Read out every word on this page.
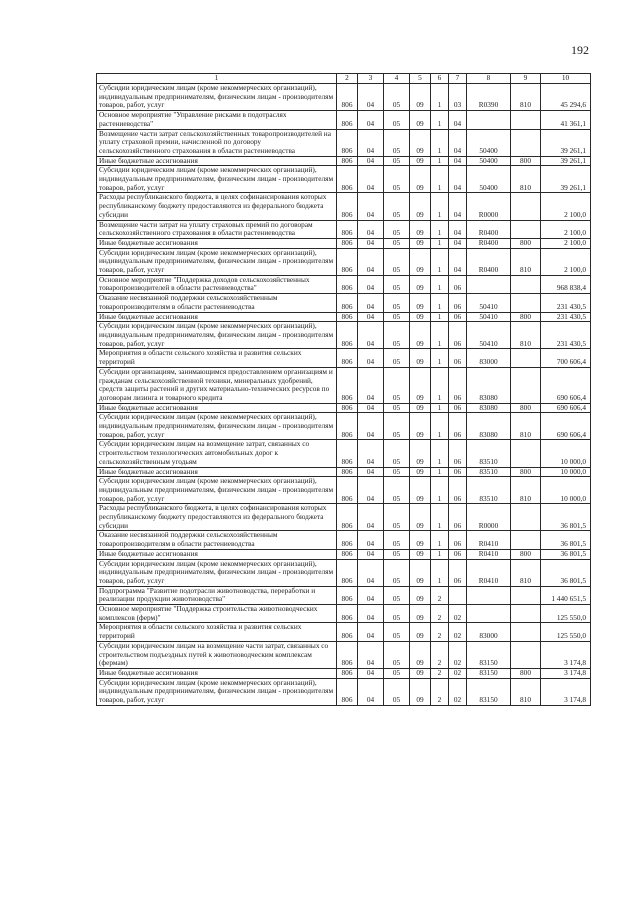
192
1	2	3	4	5	6	7	8	9	10
Субсидии юридическим лицам (кроме некоммерческих организаций), индивидуальным предпринимателям, физическим лицам - производителям товаров, работ, услуг	806	04	05	09	1	03	R0390	810	45 294,6
Основное мероприятие "Управление рисками в подотраслях растениеводства"	806	04	05	09	1	04			41 361,1
Возмещение части затрат сельскохозяйственных товаропроизводителей на уплату страховой премии, начисленной по договору сельскохозяйственного страхования в области растениеводства	806	04	05	09	1	04	50400		39 261,1
Иные бюджетные ассигнования	806	04	05	09	1	04	50400	800	39 261,1
Субсидии юридическим лицам (кроме некоммерческих организаций), индивидуальным предпринимателям, физическим лицам - производителям товаров, работ, услуг	806	04	05	09	1	04	50400	810	39 261,1
Расходы республиканского бюджета, в целях софинансирования которых республиканскому бюджету предоставляются из федерального бюджета субсидии	806	04	05	09	1	04	R0000		2 100,0
Возмещение части затрат на уплату страховых премий по договорам сельскохозяйственного страхования в области растениеводства	806	04	05	09	1	04	R0400		2 100,0
Иные бюджетные ассигнования	806	04	05	09	1	04	R0400	800	2 100,0
Субсидии юридическим лицам (кроме некоммерческих организаций), индивидуальным предпринимателям, физическим лицам - производителям товаров, работ, услуг	806	04	05	09	1	04	R0400	810	2 100,0
Основное мероприятие "Поддержка доходов сельскохозяйственных товаропроизводителей в области растениеводства"	806	04	05	09	1	06			968 838,4
Оказание несвязанной поддержки сельскохозяйственным товаропроизводителям в области растениеводства	806	04	05	09	1	06	50410		231 430,5
Иные бюджетные ассигнования	806	04	05	09	1	06	50410	800	231 430,5
Субсидии юридическим лицам (кроме некоммерческих организаций), индивидуальным предпринимателям, физическим лицам - производителям товаров, работ, услуг	806	04	05	09	1	06	50410	810	231 430,5
Мероприятия в области сельского хозяйства и развития сельских территорий	806	04	05	09	1	06	83000		700 606,4
Субсидии организациям, занимающимся предоставлением организациям и гражданам сельскохозяйственной техники, минеральных удобрений, средств защиты растений и других материально-технических ресурсов по договорам лизинга и товарного кредита	806	04	05	09	1	06	83080		690 606,4
Иные бюджетные ассигнования	806	04	05	09	1	06	83080	800	690 606,4
Субсидии юридическим лицам (кроме некоммерческих организаций), индивидуальным предпринимателям, физическим лицам - производителям товаров, работ, услуг	806	04	05	09	1	06	83080	810	690 606,4
Субсидии юридическим лицам на возмещение затрат, связанных со строительством технологических автомобильных дорог к сельскохозяйственным угодьям	806	04	05	09	1	06	83510		10 000,0
Иные бюджетные ассигнования	806	04	05	09	1	06	83510	800	10 000,0
Субсидии юридическим лицам (кроме некоммерческих организаций), индивидуальным предпринимателям, физическим лицам - производителям товаров, работ, услуг	806	04	05	09	1	06	83510	810	10 000,0
Расходы республиканского бюджета, в целях софинансирования которых республиканскому бюджету предоставляются из федерального бюджета субсидии	806	04	05	09	1	06	R0000		36 801,5
Оказание несвязанной поддержки сельскохозяйственным товаропроизводителям в области растениеводства	806	04	05	09	1	06	R0410		36 801,5
Иные бюджетные ассигнования	806	04	05	09	1	06	R0410	800	36 801,5
Субсидии юридическим лицам (кроме некоммерческих организаций), индивидуальным предпринимателям, физическим лицам - производителям товаров, работ, услуг	806	04	05	09	1	06	R0410	810	36 801,5
Подпрограмма "Развитие подотрасли животноводства, переработки и реализации продукции животноводства"	806	04	05	09	2				1 440 651,5
Основное мероприятие "Поддержка строительства животноводческих комплексов (ферм)"	806	04	05	09	2	02			125 550,0
Мероприятия в области сельского хозяйства и развития сельских территорий	806	04	05	09	2	02	83000		125 550,0
Субсидии юридическим лицам на возмещение части затрат, связанных со строительством подъездных путей к животноводческим комплексам (фермам)	806	04	05	09	2	02	83150		3 174,8
Иные бюджетные ассигнования	806	04	05	09	2	02	83150	800	3 174,8
Субсидии юридическим лицам (кроме некоммерческих организаций), индивидуальным предпринимателям, физическим лицам - производителям товаров, работ, услуг	806	04	05	09	2	02	83150	810	3 174,8
